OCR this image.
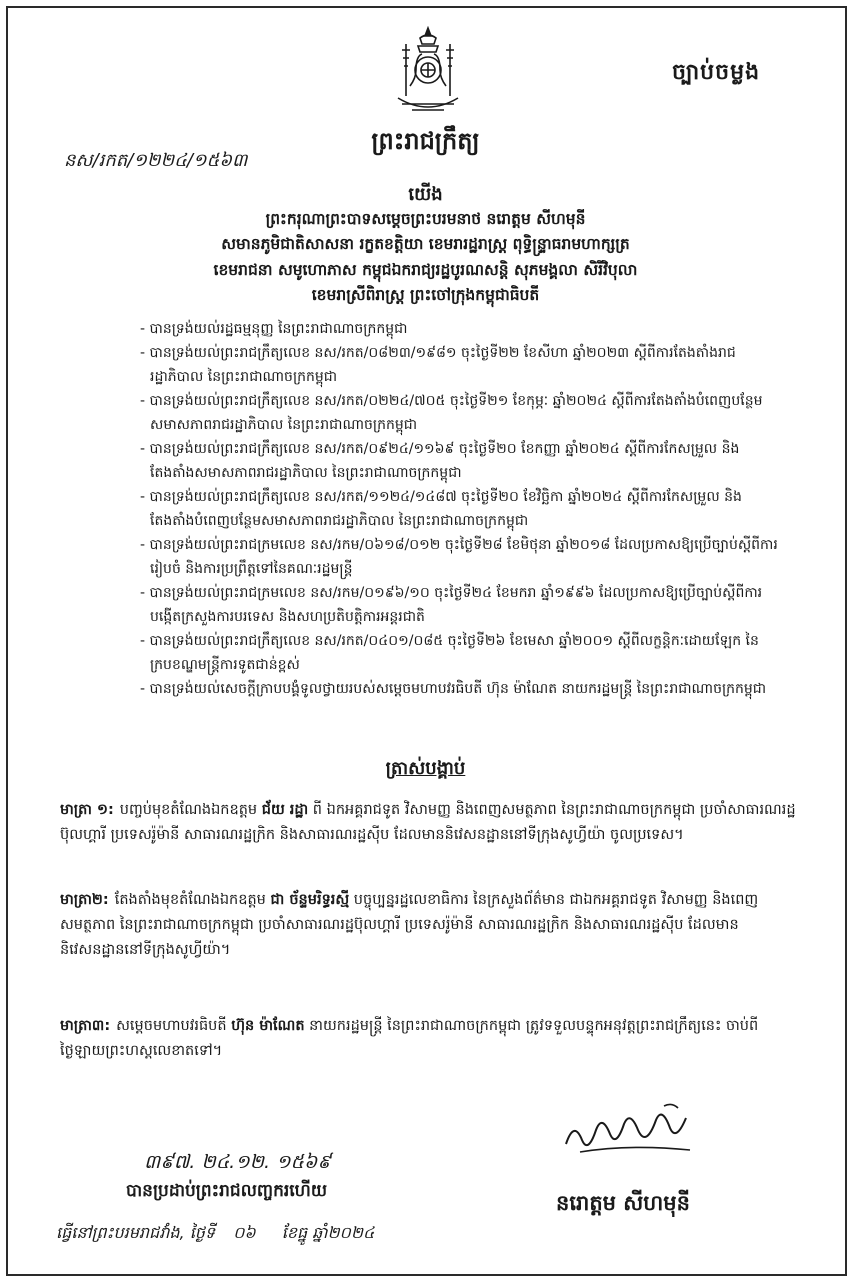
ច្បាប់ចម្លង
ព្រះរាជក្រឹត្យ
នស/រកត/១២២៤/១៥៦៣
យើង
ព្រះករុណាព្រះបាទសម្តេចព្រះបរមនាថ នរោត្តម សីហមុនី
សមានភូមិជាតិសាសនា រក្ខតខត្តិយា ខេមរារដ្ឋរាស្ត្រ ពុទ្ធិន្ទ្រាធរាមហាក្សត្រ
ខេមរាជនា សមូហោភាស កម្ពុជឯករាជ្យរដ្ឋបូរណសន្តិ សុភមង្គលា សិរីវិបុលា
ខេមរាស្រីពិរាស្ត្រ ព្រះចៅក្រុងកម្ពុជាធិបតី
- បានទ្រង់យល់រដ្ឋធម្មនុញ្ញ នៃព្រះរាជាណាចក្រកម្ពុជា
- បានទ្រង់យល់ព្រះរាជក្រឹត្យលេខ នស/រកត/០៨២៣/១៩៨១ ចុះថ្ងៃទី២២ ខែសីហា ឆ្នាំ២០២៣ ស្តីពីការតែងតាំងរាជរដ្ឋាភិបាល នៃព្រះរាជាណាចក្រកម្ពុជា
- បានទ្រង់យល់ព្រះរាជក្រឹត្យលេខ នស/រកត/០២២៤/៧០៥ ចុះថ្ងៃទី២១ ខែកុម្ភៈ ឆ្នាំ២០២៤ ស្តីពីការតែងតាំងបំពេញបន្ថែមសមាសភាពរាជរដ្ឋាភិបាល នៃព្រះរាជាណាចក្រកម្ពុជា
- បានទ្រង់យល់ព្រះរាជក្រឹត្យលេខ នស/រកត/០៩២៤/១១៦៩ ចុះថ្ងៃទី២០ ខែកញ្ញា ឆ្នាំ២០២៤ ស្តីពីការកែសម្រួល និងតែងតាំងសមាសភាពរាជរដ្ឋាភិបាល នៃព្រះរាជាណាចក្រកម្ពុជា
- បានទ្រង់យល់ព្រះរាជក្រឹត្យលេខ នស/រកត/១១២៤/១៤៨៧ ចុះថ្ងៃទី២០ ខែវិច្ឆិកា ឆ្នាំ២០២៤ ស្តីពីការកែសម្រួល និងតែងតាំងបំពេញបន្ថែមសមាសភាពរាជរដ្ឋាភិបាល នៃព្រះរាជាណាចក្រកម្ពុជា
- បានទ្រង់យល់ព្រះរាជក្រមលេខ នស/រកម/០៦១៨/០១២ ចុះថ្ងៃទី២៨ ខែមិថុនា ឆ្នាំ២០១៨ ដែលប្រកាសឱ្យប្រើច្បាប់ស្តីពីការរៀបចំ និងការប្រព្រឹត្តទៅនៃគណៈរដ្ឋមន្ត្រី
- បានទ្រង់យល់ព្រះរាជក្រមលេខ នស/រកម/០១៩៦/១០ ចុះថ្ងៃទី២៤ ខែមករា ឆ្នាំ១៩៩៦ ដែលប្រកាសឱ្យប្រើច្បាប់ស្តីពីការបង្កើតក្រសួងការបរទេស និងសហប្រតិបត្តិការអន្តរជាតិ
- បានទ្រង់យល់ព្រះរាជក្រឹត្យលេខ នស/រកត/០៤០១/០៨៥ ចុះថ្ងៃទី២៦ ខែមេសា ឆ្នាំ២០០១ ស្តីពីលក្ខន្តិកៈដោយឡែក នៃក្របខណ្ឌមន្ត្រីការទូតជាន់ខ្ពស់
- បានទ្រង់យល់សេចក្តីក្រាបបង្គំទូលថ្វាយរបស់សម្តេចមហាបវរធិបតី ហ៊ុន ម៉ាណែត នាយករដ្ឋមន្ត្រី នៃព្រះរាជាណាចក្រកម្ពុជា
ត្រាស់បង្គាប់
មាត្រា ១: បញ្ចប់មុខតំណែងឯកឧត្តម ជ័យ រដ្ឋា ពី ឯកអគ្គរាជទូត វិសាមញ្ញ និងពេញសមត្ថភាព នៃព្រះរាជាណាចក្រកម្ពុជា ប្រចាំសាធារណរដ្ឋប៊ុលហ្គារី ប្រទេសរ៉ូម៉ានី សាធារណរដ្ឋក្រិក និងសាធារណរដ្ឋស៊ីប ដែលមាននិវេសនដ្ឋាននៅទីក្រុងសូហ្វីយ៉ា ចូលប្រទេស។
មាត្រា២: តែងតាំងមុខតំណែងឯកឧត្តម ជា ច័ន្ទមរិទ្ធរស្មី បច្ចុប្បន្នរដ្ឋលេខាធិការ នៃក្រសួងព័ត៌មាន ជាឯកអគ្គរាជទូត វិសាមញ្ញ និងពេញសមត្ថភាព នៃព្រះរាជាណាចក្រកម្ពុជា ប្រចាំសាធារណរដ្ឋប៊ុលហ្គារី ប្រទេសរ៉ូម៉ានី សាធារណរដ្ឋក្រិក និងសាធារណរដ្ឋស៊ីប ដែលមាននិវេសនដ្ឋាននៅទីក្រុងសូហ្វីយ៉ា។
មាត្រា៣: សម្តេចមហាបវរធិបតី ហ៊ុន ម៉ាណែត នាយករដ្ឋមន្ត្រី នៃព្រះរាជាណាចក្រកម្ពុជា ត្រូវទទួលបន្ទុកអនុវត្តព្រះរាជក្រឹត្យនេះ ចាប់ពីថ្ងៃឡាយព្រះហស្តលេខាតទៅ។
នរោត្តម សីហមុនី
៣៩៧. ២៤.១២. ១៥៦៩
បានប្រដាប់ព្រះរាជលញ្ចករហើយ
ធ្វើនៅព្រះបរមរាជវាំង, ថ្ងៃទី ០៦ ខែធ្នូ ឆ្នាំ២០២៤
